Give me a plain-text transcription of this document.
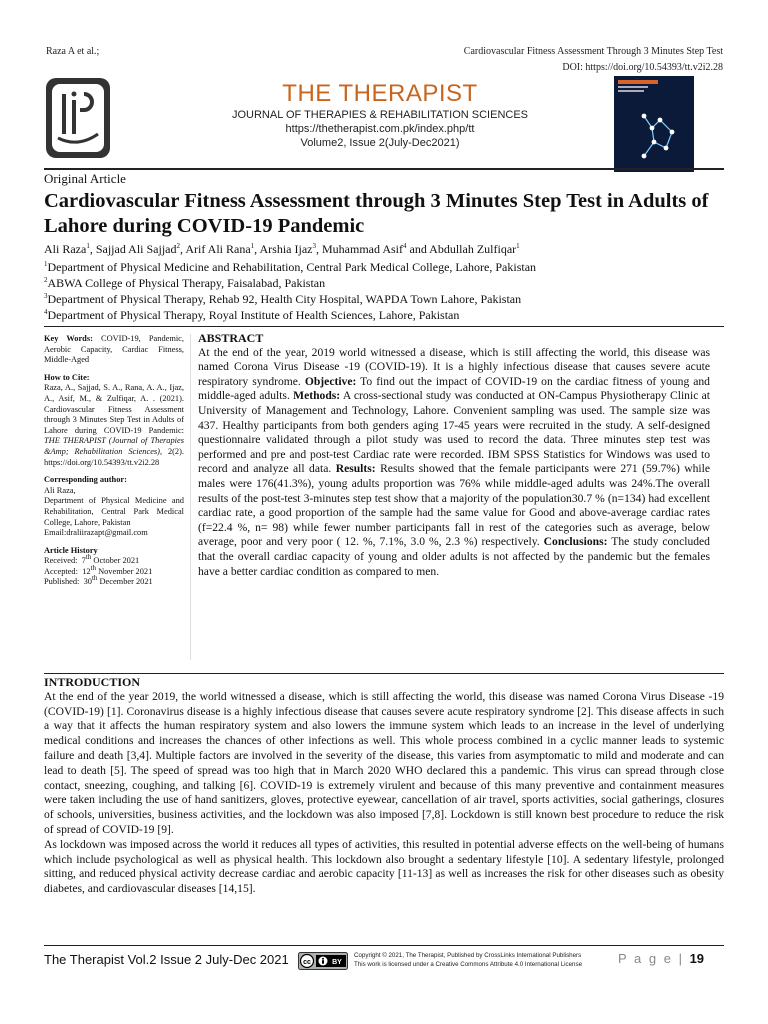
Raza A et al.;	Cardiovascular Fitness Assessment Through 3 Minutes Step Test
DOI: https://doi.org/10.54393/tt.v2i2.28
THE THERAPIST
JOURNAL OF THERAPIES & REHABILITATION SCIENCES
https://thetherapist.com.pk/index.php/tt
Volume2, Issue 2(July-Dec2021)
Original Article
Cardiovascular Fitness Assessment through 3 Minutes Step Test in Adults of Lahore during COVID-19 Pandemic
Ali Raza$^1$, Sajjad Ali Sajjad$^2$, Arif Ali Rana$^1$, Arshia Ijaz$^3$, Muhammad Asif$^4$ and Abdullah Zulfiqar$^1$
$^1$Department of Physical Medicine and Rehabilitation, Central Park Medical College, Lahore, Pakistan
$^2$ABWA College of Physical Therapy, Faisalabad, Pakistan
$^3$Department of Physical Therapy, Rehab 92, Health City Hospital, WAPDA Town Lahore, Pakistan
$^4$Department of Physical Therapy, Royal Institute of Health Sciences, Lahore, Pakistan
Key Words: COVID-19, Pandemic, Aerobic Capacity, Cardiac Fitness, Middle-Aged
How to Cite:
Raza, A., Sajjad, S. A., Rana, A. A., Ijaz, A., Asif, M., & Zulfiqar, A. . (2021). Cardiovascular Fitness Assessment through 3 Minutes Step Test in Adults of Lahore during COVID-19 Pandemic: THE THERAPIST (Journal of Therapies &Amp; Rehabilitation Sciences), 2(2). https://doi.org/10.54393/tt.v2i2.28
Corresponding author:
Ali Raza,
Department of Physical Medicine and Rehabilitation, Central Park Medical College, Lahore, Pakistan
Email:draliirazapt@gmail.com
Article History
Received: 7th October 2021
Accepted: 12th November 2021
Published: 30th December 2021
ABSTRACT
At the end of the year, 2019 world witnessed a disease, which is still affecting the world, this disease was named Corona Virus Disease -19 (COVID-19). It is a highly infectious disease that causes severe acute respiratory syndrome. Objective: To find out the impact of COVID-19 on the cardiac fitness of young and middle-aged adults. Methods: A cross-sectional study was conducted at ON-Campus Physiotherapy Clinic at University of Management and Technology, Lahore. Convenient sampling was used. The sample size was 437. Healthy participants from both genders aging 17-45 years were recruited in the study. A self-designed questionnaire validated through a pilot study was used to record the data. Three minutes step test was performed and pre and post-test Cardiac rate were recorded. IBM SPSS Statistics for Windows was used to record and analyze all data. Results: Results showed that the female participants were 271 (59.7%) while males were 176(41.3%), young adults proportion was 76% while middle-aged adults was 24%.The overall results of the post-test 3-minutes step test show that a majority of the population30.7 % (n=134) had excellent cardiac rate, a good proportion of the sample had the same value for Good and above-average cardiac rates (f=22.4 %, n= 98) while fewer number participants fall in rest of the categories such as average, below average, poor and very poor ( 12. %, 7.1%, 3.0 %, 2.3 %) respectively. Conclusions: The study concluded that the overall cardiac capacity of young and older adults is not affected by the pandemic but the females have a better cardiac condition as compared to men.
INTRODUCTION

At the end of the year 2019, the world witnessed a disease, which is still affecting the world, this disease was named Corona Virus Disease -19 (COVID-19) [1]. Coronavirus disease is a highly infectious disease that causes severe acute respiratory syndrome [2]. This disease affects in such a way that it affects the human respiratory system and also lowers the immune system which leads to an increase in the level of underlying medical conditions and increases the chances of other infections as well. This whole process combined in a cyclic manner leads to systemic failure and death [3,4]. Multiple factors are involved in the severity of the disease, this varies from asymptomatic to mild and moderate and can lead to death [5]. The speed of spread was too high that in March 2020 WHO declared this a pandemic. This virus can spread through close contact, sneezing, coughing, and talking [6]. COVID-19 is extremely virulent and because of this many preventive and containment measures were taken including the use of hand sanitizers, gloves, protective eyewear, cancellation of air travel, sports activities, social gatherings, closures of schools, universities, business activities, and the lockdown was also imposed [7,8]. Lockdown is still known best procedure to reduce the risk of spread of COVID-19 [9].

As lockdown was imposed across the world it reduces all types of activities, this resulted in potential adverse effects on the well-being of humans which include psychological as well as physical health. This lockdown also brought a sedentary lifestyle [10]. A sedentary lifestyle, prolonged sitting, and reduced physical activity decrease cardiac and aerobic capacity [11-13] as well as increases the risk for other diseases such as obesity diabetes, and cardiovascular diseases [14,15].

The Therapist Vol.2 Issue 2 July-Dec 2021 cc	BY
Copyright © 2021, The Therapist, Published by CrossLinks International Publishers
This work is licensed under a Creative Commons Attribute 4.0 International License	P a g e | 19
